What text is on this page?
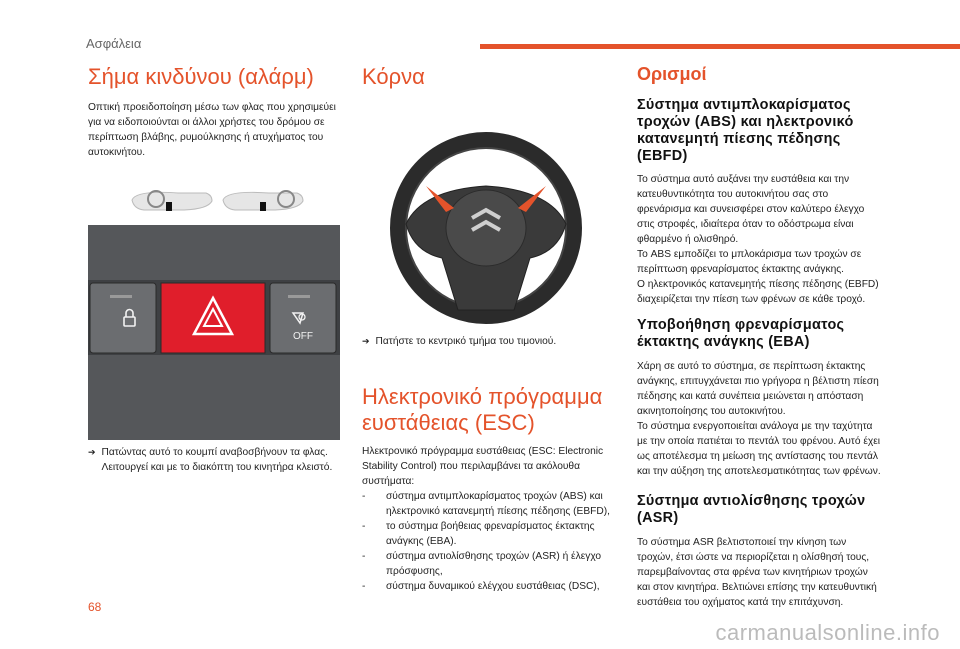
Ασφάλεια
Σήμα κινδύνου (αλάρμ)

Οπτική προειδοποίηση μέσω των φλας που χρησιμεύει για να ειδοποιούνται οι άλλοι χρήστες του δρόμου σε περίπτωση βλάβης, ρυμούλκησης ή ατυχήματος του αυτοκινήτου.

OFF
➔ Πατώντας αυτό το κουμπί αναβοσβήνουν τα φλας. Λειτουργεί και με το διακόπτη του κινητήρα κλειστό.
Κόρνα
➔ Πατήστε το κεντρικό τμήμα του τιμονιού.
Ηλεκτρονικό πρόγραμμα ευστάθειας (ESC)

Ηλεκτρονικό πρόγραμμα ευστάθειας (ESC: Electronic Stability Control) που περιλαμβάνει τα ακόλουθα συστήματα:

-	σύστημα αντιμπλοκαρίσματος τροχών (ABS) και ηλεκτρονικό κατανεμητή πίεσης πέδησης (EBFD),
-	το σύστημα βοήθειας φρεναρίσματος έκτακτης ανάγκης (EBA).
-	σύστημα αντιολίσθησης τροχών (ASR) ή έλεγχο πρόσφυσης,
-	σύστημα δυναμικού ελέγχου ευστάθειας (DSC),
Ορισμοί
Σύστημα αντιμπλοκαρίσματος τροχών (ABS) και ηλεκτρονικό κατανεμητή πίεσης πέδησης (EBFD)

Το σύστημα αυτό αυξάνει την ευστάθεια και την κατευθυντικότητα του αυτοκινήτου σας στο φρενάρισμα και συνεισφέρει στον καλύτερο έλεγχο στις στροφές, ιδιαίτερα όταν το οδόστρωμα είναι φθαρμένο ή ολισθηρό.

Το ABS εμποδίζει το μπλοκάρισμα των τροχών σε περίπτωση φρεναρίσματος έκτακτης ανάγκης.

Ο ηλεκτρονικός κατανεμητής πίεσης πέδησης (EBFD) διαχειρίζεται την πίεση των φρένων σε κάθε τροχό.

Υποβοήθηση φρεναρίσματος έκτακτης ανάγκης (EBA)

Χάρη σε αυτό το σύστημα, σε περίπτωση έκτακτης ανάγκης, επιτυγχάνεται πιο γρήγορα η βέλτιστη πίεση πέδησης και κατά συνέπεια μειώνεται η απόσταση ακινητοποίησης του αυτοκινήτου.

Το σύστημα ενεργοποιείται ανάλογα με την ταχύτητα με την οποία πατιέται το πεντάλ του φρένου. Αυτό έχει ως αποτέλεσμα τη μείωση της αντίστασης του πεντάλ και την αύξηση της αποτελεσματικότητας των φρένων.

Σύστημα αντιολίσθησης τροχών (ASR)

Το σύστημα ASR βελτιστοποιεί την κίνηση των τροχών, έτσι ώστε να περιορίζεται η ολίσθησή τους, παρεμβαίνοντας στα φρένα των κινητήριων τροχών και στον κινητήρα. Βελτιώνει επίσης την κατευθυντική ευστάθεια του οχήματος κατά την επιτάχυνση.

68
carmanualsonline.info
